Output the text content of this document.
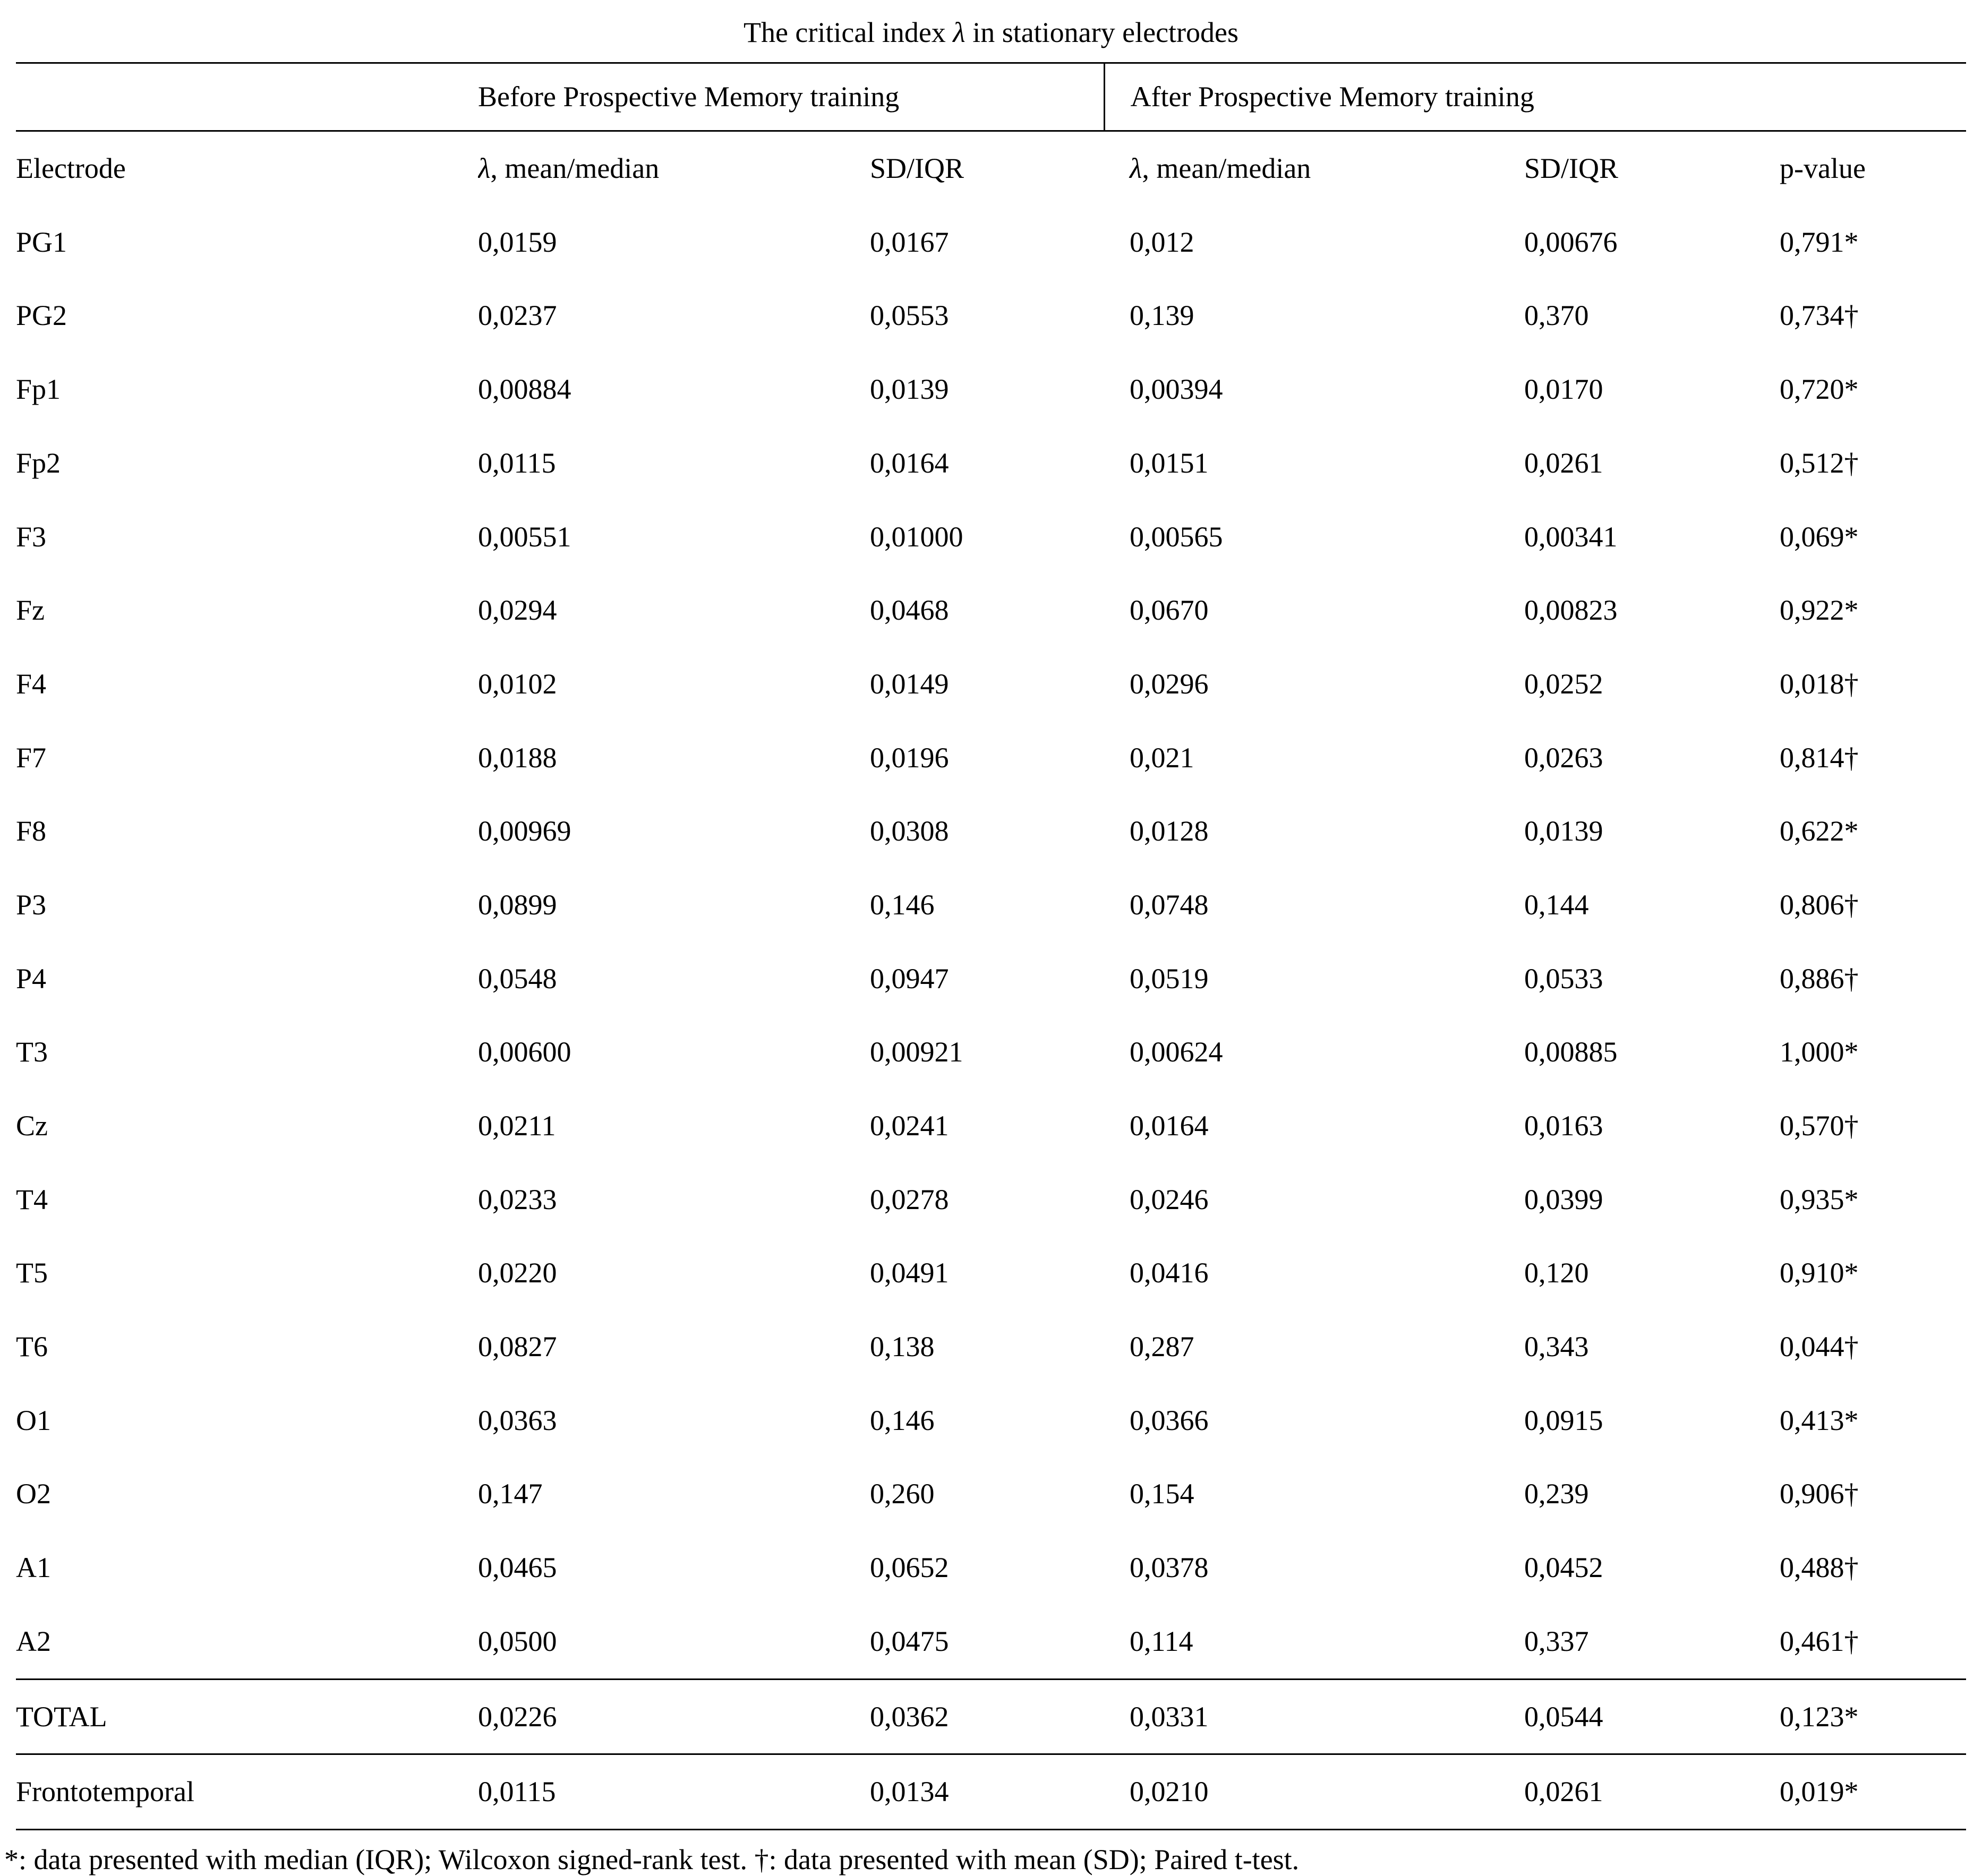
The critical index λ in stationary electrodes
	Before Prospective Memory training		After Prospective Memory training		
Electrode	λ, mean/median	SD/IQR	λ, mean/median	SD/IQR	p-value
PG1	0,0159	0,0167	0,012	0,00676	0,791*
PG2	0,0237	0,0553	0,139	0,370	0,734†
Fp1	0,00884	0,0139	0,00394	0,0170	0,720*
Fp2	0,0115	0,0164	0,0151	0,0261	0,512†
F3	0,00551	0,01000	0,00565	0,00341	0,069*
Fz	0,0294	0,0468	0,0670	0,00823	0,922*
F4	0,0102	0,0149	0,0296	0,0252	0,018†
F7	0,0188	0,0196	0,021	0,0263	0,814†
F8	0,00969	0,0308	0,0128	0,0139	0,622*
P3	0,0899	0,146	0,0748	0,144	0,806†
P4	0,0548	0,0947	0,0519	0,0533	0,886†
T3	0,00600	0,00921	0,00624	0,00885	1,000*
Cz	0,0211	0,0241	0,0164	0,0163	0,570†
T4	0,0233	0,0278	0,0246	0,0399	0,935*
T5	0,0220	0,0491	0,0416	0,120	0,910*
T6	0,0827	0,138	0,287	0,343	0,044†
O1	0,0363	0,146	0,0366	0,0915	0,413*
O2	0,147	0,260	0,154	0,239	0,906†
A1	0,0465	0,0652	0,0378	0,0452	0,488†
A2	0,0500	0,0475	0,114	0,337	0,461†
TOTAL	0,0226	0,0362	0,0331	0,0544	0,123*
Frontotemporal	0,0115	0,0134	0,0210	0,0261	0,019*
*: data presented with median (IQR); Wilcoxon signed-rank test. †: data presented with mean (SD); Paired t-test.
